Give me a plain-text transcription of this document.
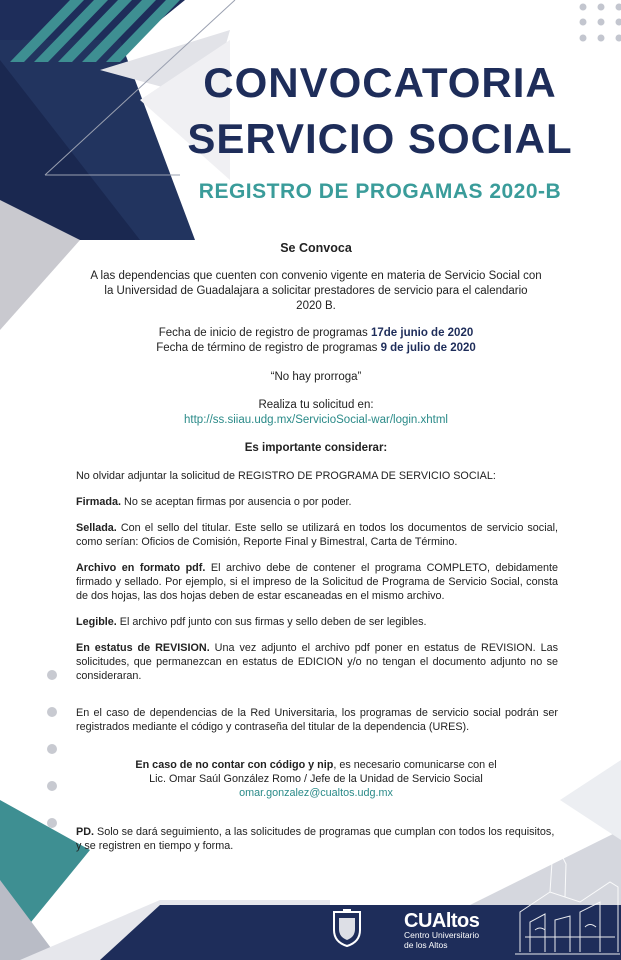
CONVOCATORIA
SERVICIO SOCIAL
REGISTRO DE PROGAMAS 2020-B
Se Convoca
A las dependencias que cuenten con convenio vigente en materia de Servicio Social con
la Universidad de Guadalajara a solicitar prestadores de servicio para el calendario
2020 B.
Fecha de inicio de registro de programas 17de junio de 2020
Fecha de término de registro de programas 9 de julio de 2020
“No hay prorroga”
Realiza tu solicitud en:
http://ss.siiau.udg.mx/ServicioSocial-war/login.xhtml
Es importante considerar:
No olvidar adjuntar la solicitud de REGISTRO DE PROGRAMA DE SERVICIO SOCIAL:
Firmada. No se aceptan firmas por ausencia o por poder.
Sellada. Con el sello del titular. Este sello se utilizará en todos los documentos de servicio social, como serían: Oficios de Comisión, Reporte Final y Bimestral, Carta de Término.
Archivo en formato pdf. El archivo debe de contener el programa COMPLETO, debidamente firmado y sellado. Por ejemplo, si el impreso de la Solicitud de Programa de Servicio Social, consta de dos hojas, las dos hojas deben de estar escaneadas en el mismo archivo.
Legible. El archivo pdf junto con sus firmas y sello deben de ser legibles.
En estatus de REVISION. Una vez adjunto el archivo pdf poner en estatus de REVISION. Las solicitudes, que permanezcan en estatus de EDICION y/o no tengan el documento adjunto no se consideraran.
En el caso de dependencias de la Red Universitaria, los programas de servicio social podrán ser registrados mediante el código y contraseña del titular de la dependencia (URES).
En caso de no contar con código y nip, es necesario comunicarse con el
Lic. Omar Saúl González Romo / Jefe de la Unidad de Servicio Social
omar.gonzalez@cualtos.udg.mx
PD. Solo se dará seguimiento, a las solicitudes de programas que cumplan con todos los requisitos, y se registren en tiempo y forma.
CUAltos
Centro Universitario
de los Altos
